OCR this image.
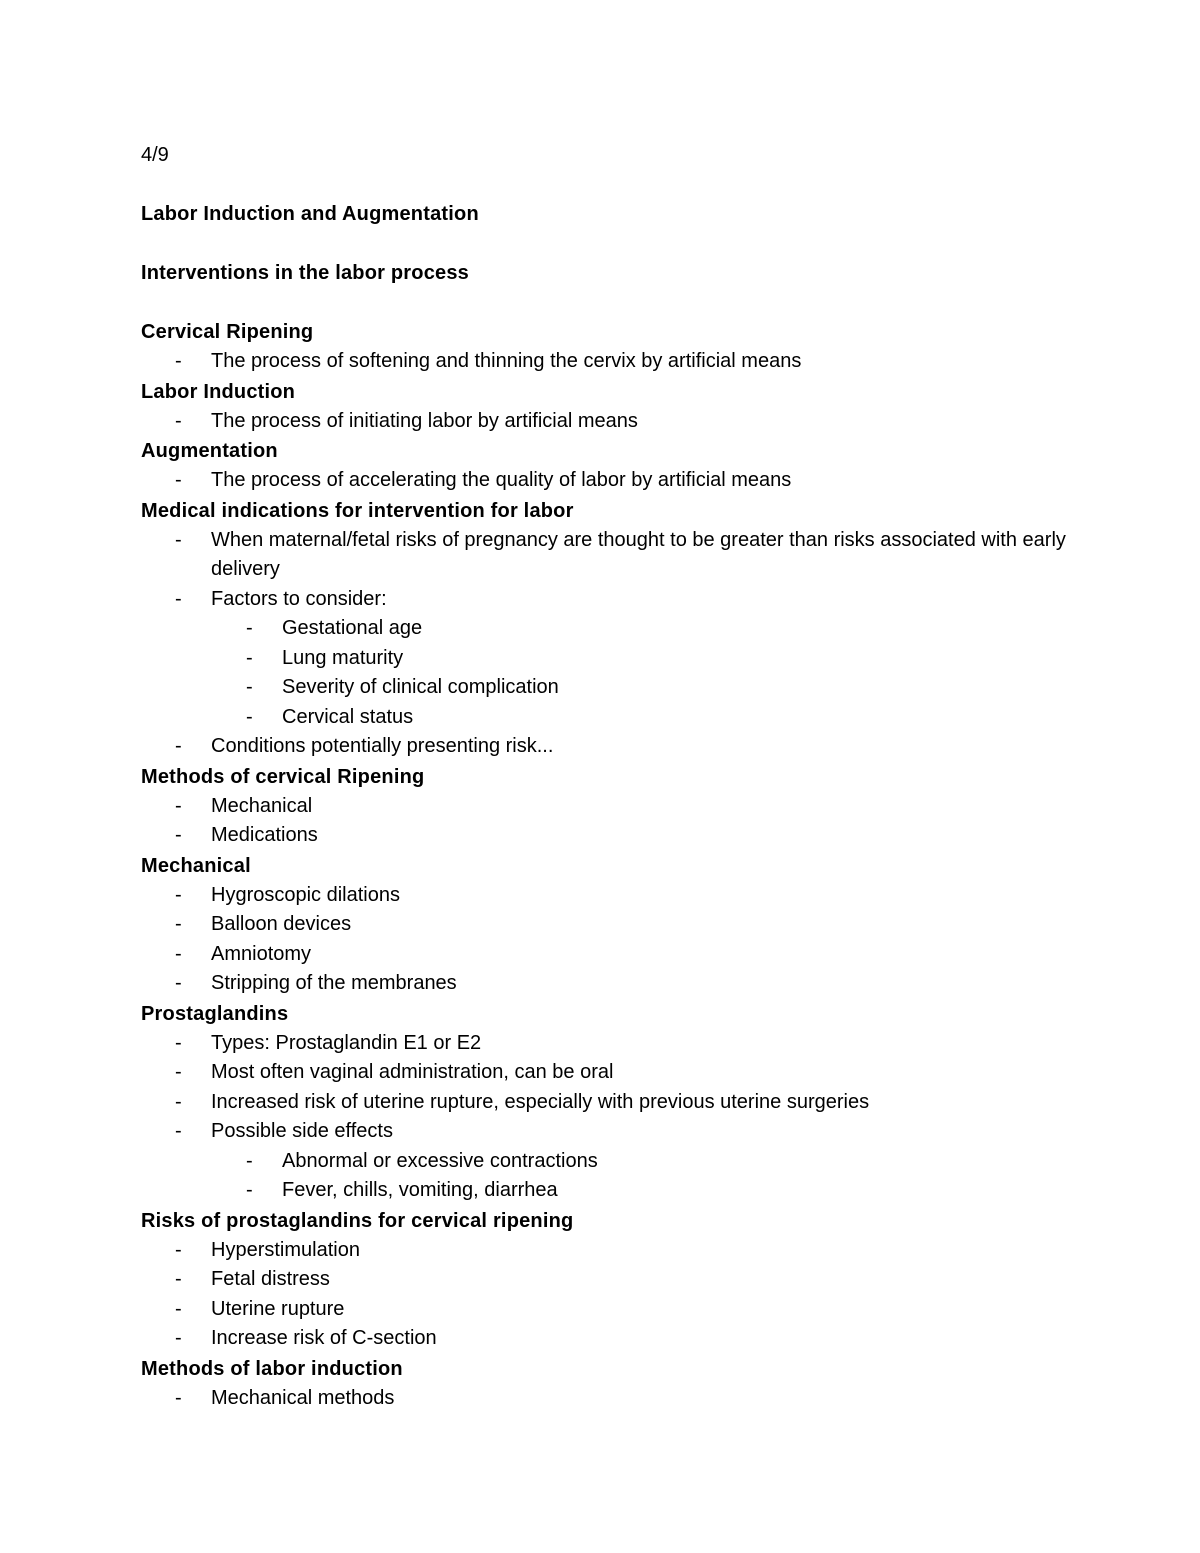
4/9
Labor Induction and Augmentation
Interventions in the labor process
Cervical Ripening
- The process of softening and thinning the cervix by artificial means
Labor Induction
- The process of initiating labor by artificial means
Augmentation
- The process of accelerating the quality of labor by artificial means
Medical indications for intervention for labor
- When maternal/fetal risks of pregnancy are thought to be greater than risks associated with early delivery
- Factors to consider:
- Gestational age
- Lung maturity
- Severity of clinical complication
- Cervical status
- Conditions potentially presenting risk...
Methods of cervical Ripening
- Mechanical
- Medications
Mechanical
- Hygroscopic dilations
- Balloon devices
- Amniotomy
- Stripping of the membranes
Prostaglandins
- Types: Prostaglandin E1 or E2
- Most often vaginal administration, can be oral
- Increased risk of uterine rupture, especially with previous uterine surgeries
- Possible side effects
- Abnormal or excessive contractions
- Fever, chills, vomiting, diarrhea
Risks of prostaglandins for cervical ripening
- Hyperstimulation
- Fetal distress
- Uterine rupture
- Increase risk of C-section
Methods of labor induction
- Mechanical methods
